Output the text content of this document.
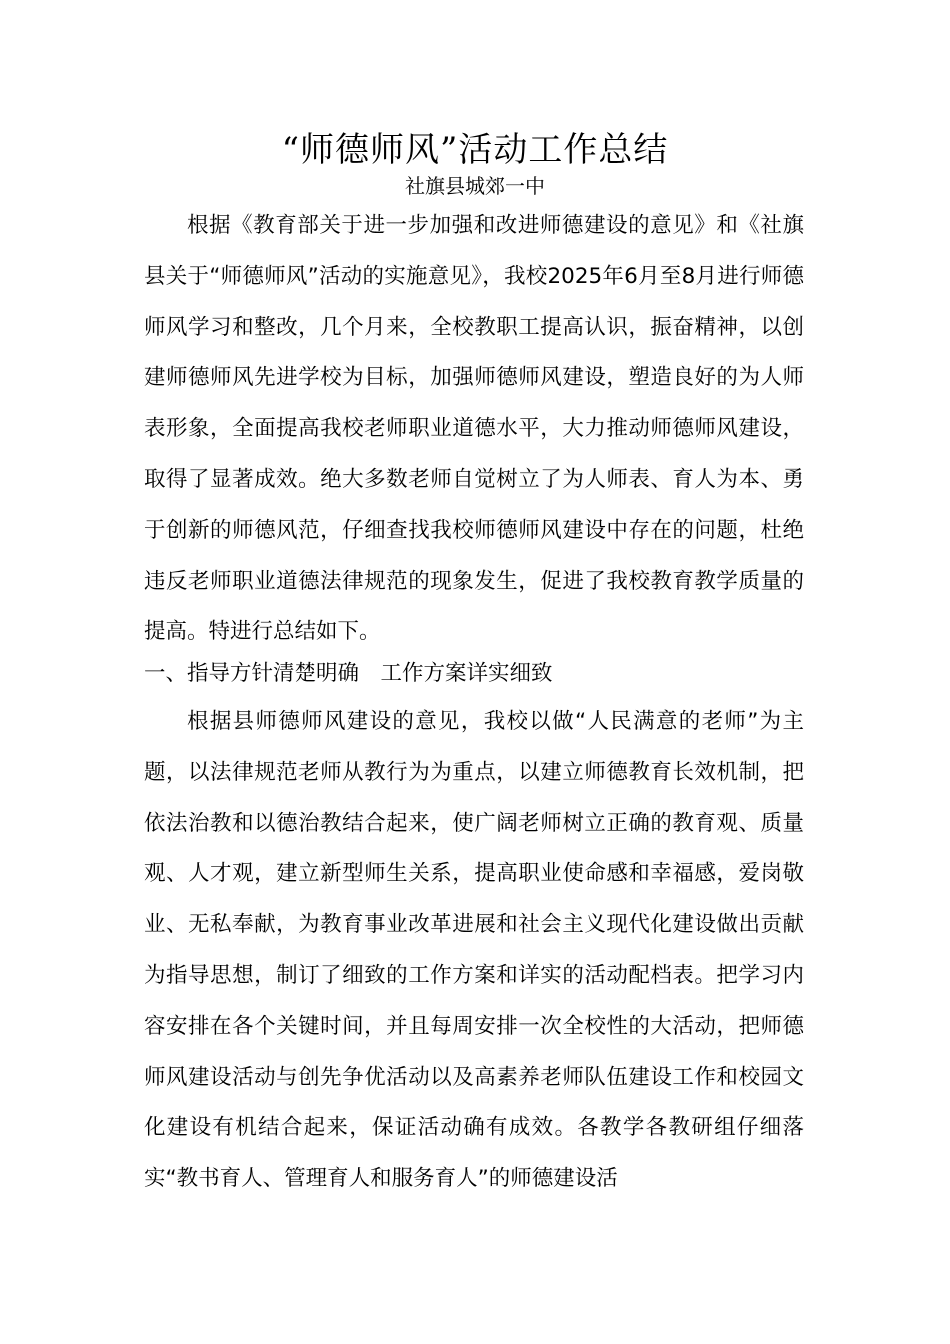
“师德师风”活动工作总结
社旗县城郊一中

根据《教育部关于进一步加强和改进师德建设的意见》和《社旗县关于“师德师风”活动的实施意见》，我校2025年6月至8月进行师德师风学习和整改，几个月来，全校教职工提高认识，振奋精神，以创建师德师风先进学校为目标，加强师德师风建设，塑造良好的为人师表形象，全面提高我校老师职业道德水平，大力推动师德师风建设，取得了显著成效。绝大多数老师自觉树立了为人师表、育人为本、勇于创新的师德风范，仔细查找我校师德师风建设中存在的问题，杜绝违反老师职业道德法律规范的现象发生，促进了我校教育教学质量的提高。特进行总结如下。

一、指导方针清楚明确　工作方案详实细致

根据县师德师风建设的意见，我校以做“人民满意的老师”为主题，以法律规范老师从教行为为重点，以建立师德教育长效机制，把依法治教和以德治教结合起来，使广阔老师树立正确的教育观、质量观、人才观，建立新型师生关系，提高职业使命感和幸福感，爱岗敬业、无私奉献，为教育事业改革进展和社会主义现代化建设做出贡献为指导思想，制订了细致的工作方案和详实的活动配档表。把学习内容安排在各个关键时间，并且每周安排一次全校性的大活动，把师德师风建设活动与创先争优活动以及高素养老师队伍建设工作和校园文化建设有机结合起来，保证活动确有成效。各教学各教研组仔细落实“教书育人、管理育人和服务育人”的师德建设活
